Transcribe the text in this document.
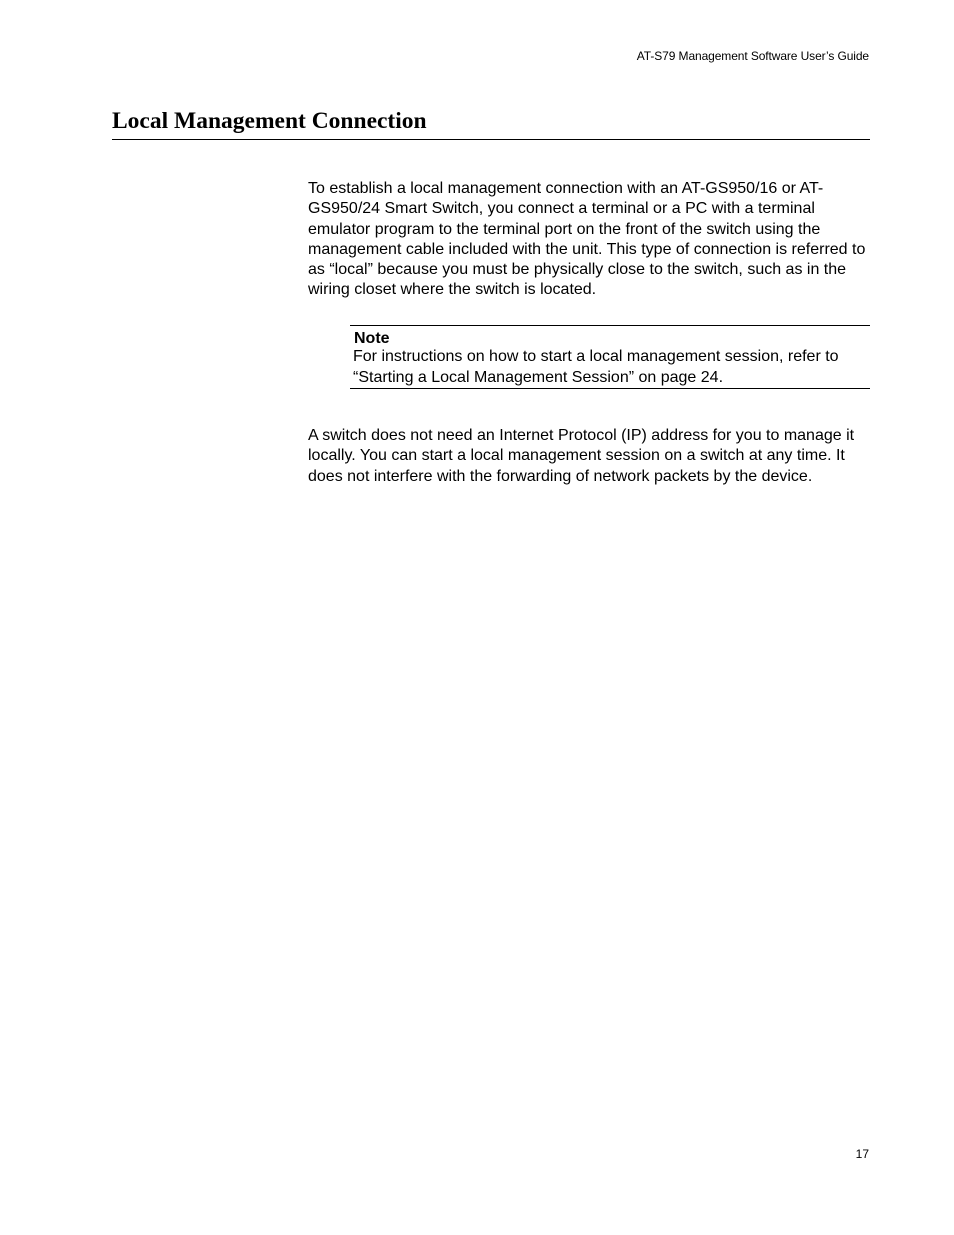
AT-S79 Management Software User’s Guide
Local Management Connection

To establish a local management connection with an AT-GS950/16 or AT-GS950/24 Smart Switch, you connect a terminal or a PC with a terminal emulator program to the terminal port on the front of the switch using the management cable included with the unit. This type of connection is referred to as “local” because you must be physically close to the switch, such as in the wiring closet where the switch is located.

Note

For instructions on how to start a local management session, refer to “Starting a Local Management Session” on page 24.

A switch does not need an Internet Protocol (IP) address for you to manage it locally. You can start a local management session on a switch at any time. It does not interfere with the forwarding of network packets by the device.

17
